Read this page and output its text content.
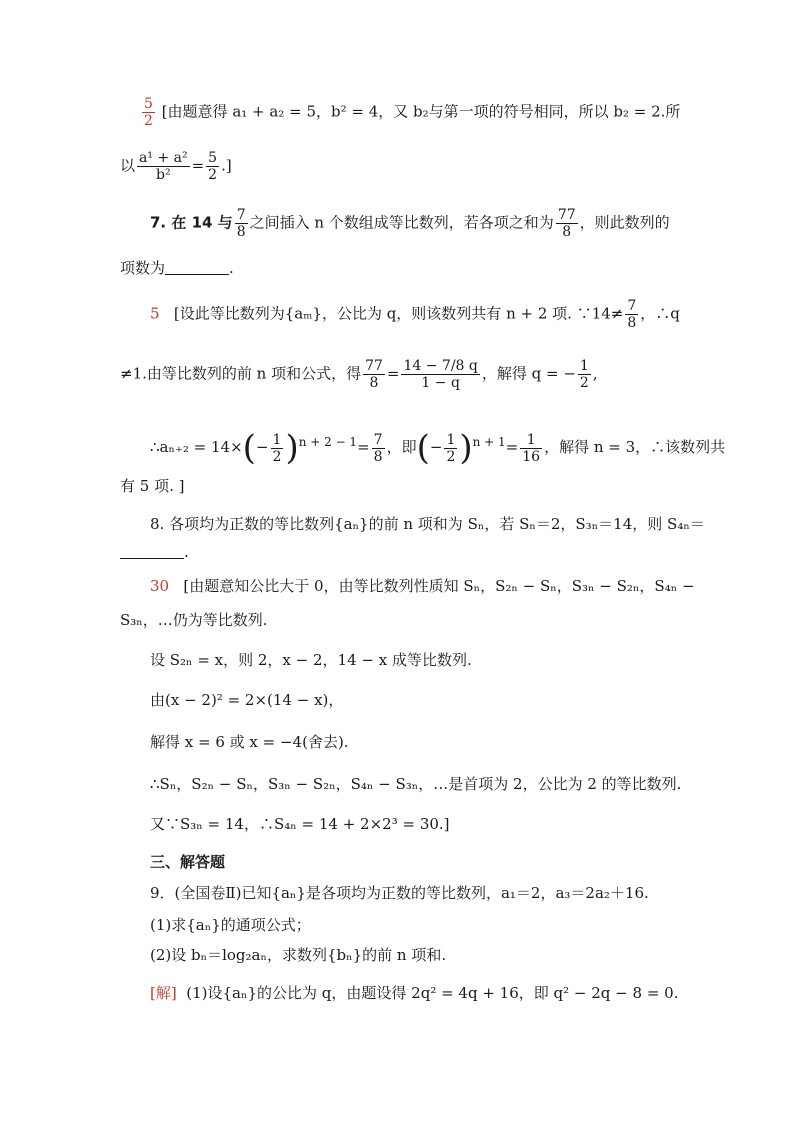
$\frac{5}{2}$ [由题意得 a₁ + a₂ = 5，b² = 4，又 b₂与第一项的符号相同，所以 b₂ = 2.所
以 $\frac{\text{a¹ + a²}}{\text{b²}} = \frac{5}{2}$ .]
7. 在 14 与 $\frac{7}{8}$ 之间插入 n 个数组成等比数列，若各项之和为 $\frac{77}{8}$ ，则此数列的
项数为	.
5 [设此等比数列为{aₘ}，公比为 q，则该数列共有 n + 2 项. ∵14≠ $\frac{7}{8}$ ，∴q
≠1.由等比数列的前 n 项和公式，得 $\frac{77}{8} = \frac{14 - 7/8 q}{1 - q}$ ，解得 q = − $\frac{1}{2}$ ,
∴aₙ₊₂ = $14\times(- \frac{1}{2} )^{n + 2 - 1}= \frac{7}{8}$ ，即(− $\frac{1}{2} )^{n + 1}= \frac{1}{16}$ ，解得 n = 3，∴该数列共
有 5 项. ]
8. 各项均为正数的等比数列{aₙ}的前 n 项和为 Sₙ，若 Sₙ＝2，S₃ₙ＝14，则 S₄ₙ＝
.
30 [由题意知公比大于 0，由等比数列性质知 Sₙ，S₂ₙ − Sₙ，S₃ₙ − S₂ₙ，S₄ₙ −
S₃ₙ，…仍为等比数列.
设 S₂ₙ = x，则 2，x − 2，14 − x 成等比数列.
由(x − 2)² = 2×(14 − x)，
解得 x = 6 或 x = −4(舍去).
∴Sₙ，S₂ₙ − Sₙ，S₃ₙ − S₂ₙ，S₄ₙ − S₃ₙ，…是首项为 2，公比为 2 的等比数列.
又∵S₃ₙ = 14，∴S₄ₙ = 14 + 2×2³ = 30.]
三、解答题
9．(全国卷Ⅱ)已知{aₙ}是各项均为正数的等比数列，a₁＝2，a₃＝2a₂＋16.
(1)求{aₙ}的通项公式；
(2)设 bₙ＝log₂aₙ，求数列{bₙ}的前 n 项和.
[解] (1)设{aₙ}的公比为 q，由题设得 2q² = 4q + 16，即 q² − 2q − 8 = 0.
